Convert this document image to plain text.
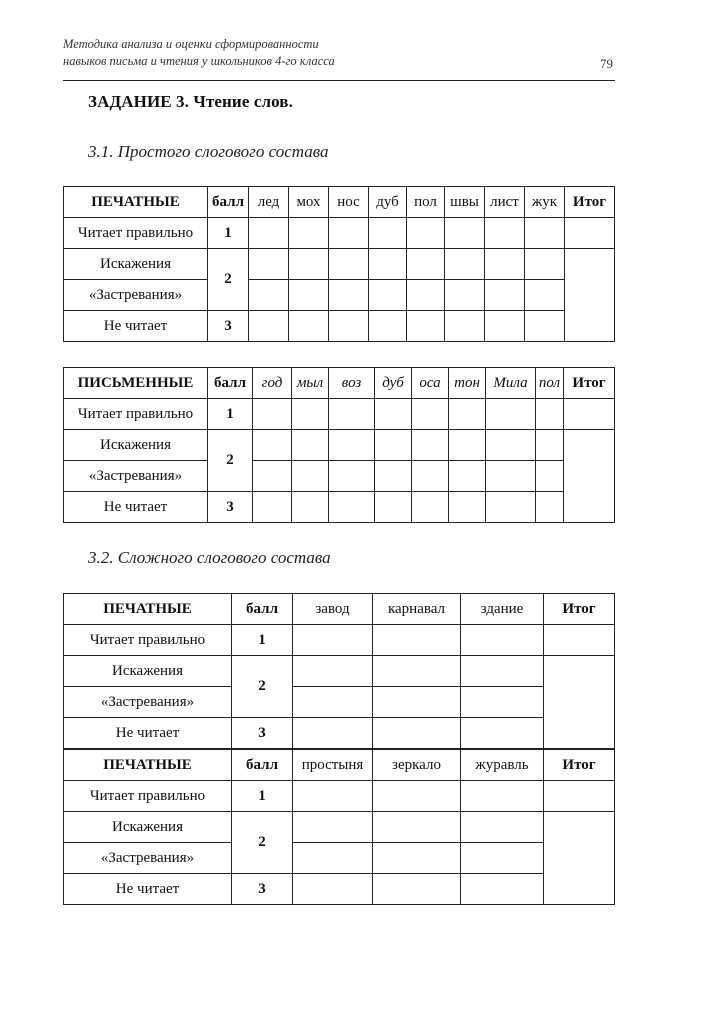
Методика анализа и оценки сформированности
навыков письма и чтения у школьников 4-го класса	79
ЗАДАНИЕ 3. Чтение слов.
3.1. Простого слогового состава
ПЕЧАТНЫЕ	балл	лед	мох	нос	дуб	пол	швы	лист	жук	Итог
Читает правильно	1									
Искажения	2									
«Застревания»										
Не читает	3									
ПИСЬМЕННЫЕ	балл	год	мыл	воз	дуб	оса	тон	Мила	пол	Итог
Читает правильно	1									
Искажения	2									
«Застревания»										
Не читает	3									
3.2. Сложного слогового состава
ПЕЧАТНЫЕ	балл	завод	карнавал	здание	Итог
Читает правильно	1				
Искажения	2				
«Застревания»					
Не читает	3				
ПЕЧАТНЫЕ	балл	простыня	зеркало	журавль	Итог
Читает правильно	1				
Искажения	2				
«Застревания»					
Не читает	3				
